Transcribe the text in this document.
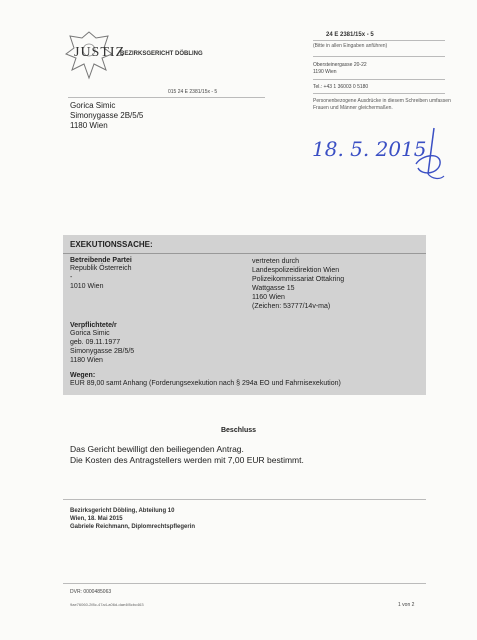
JUSTIZ
BEZIRKSGERICHT DÖBLING
24 E 2381/15x - 5
(Bitte in allen Eingaben anführen)
Obersteinergasse 20-22
1190 Wien
Tel.: +43 1 36003 0 5180
Personenbezogene Ausdrücke in diesem Schreiben umfassen Frauen und Männer gleichermaßen.
015 24 E 2381/15x - 5
Gorica Simic
Simonygasse 2B/5/5
1180 Wien
18. 5. 2015
EXEKUTIONSSACHE:
Betreibende Partei
Republik Österreich
-
1010 Wien
vertreten durch
Landespolizeidirektion Wien
Polizeikommissariat Ottakring
Wattgasse 15
1160 Wien
(Zeichen: 53777/14v-ma)
Verpflichtete/r
Gorica Simic
geb. 09.11.1977
Simonygasse 2B/5/5
1180 Wien
Wegen:
EUR 89,00 samt Anhang (Forderungsexekution nach § 294a EO und Fahrnisexekution)
Beschluss
Das Gericht bewilligt den beiliegenden Antrag.
Die Kosten des Antragstellers werden mit 7,00 EUR bestimmt.
Bezirksgericht Döbling, Abteilung 10
Wien, 18. Mai 2015
Gabriele Reichmann, Diplomrechtspflegerin
DVR: 0000485063
9ae76060-2f8c-47a4-a06d-dae4f8cbc463	1 von 2
